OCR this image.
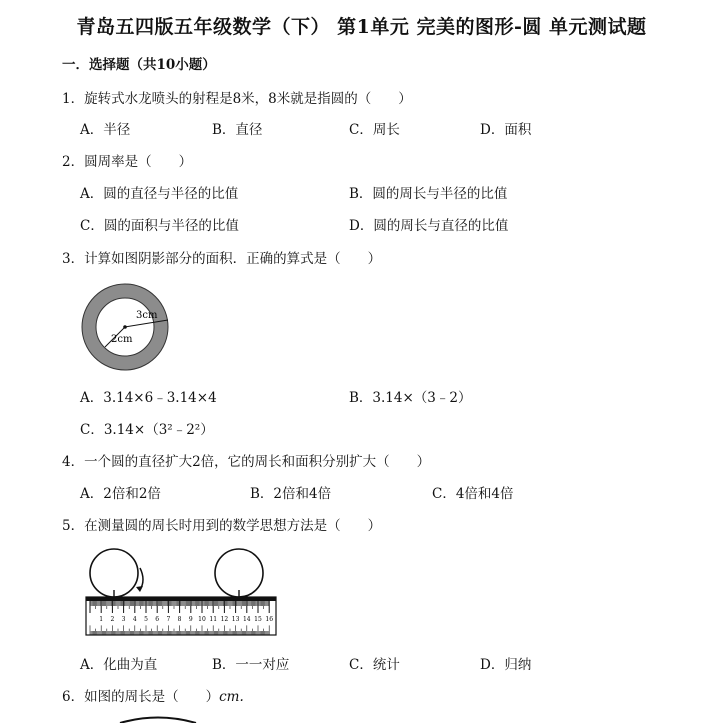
青岛五四版五年级数学（下） 第1单元 完美的图形-圆 单元测试题
一．选择题（共10小题）
1．旋转式水龙喷头的射程是8米，8米就是指圆的（　　）
A．半径	B．直径	C．周长	D．面积
2．圆周率是（　　）
A．圆的直径与半径的比值	B．圆的周长与半径的比值
C．圆的面积与半径的比值	D．圆的周长与直径的比值
3．计算如图阴影部分的面积．正确的算式是（　　）
3cm
2cm
A．3.14×6﹣3.14×4	B．3.14×（3﹣2）
C．3.14×（3²﹣2²）
4．一个圆的直径扩大2倍，它的周长和面积分别扩大（　　）
A．2倍和2倍	B．2倍和4倍	C．4倍和4倍
5．在测量圆的周长时用到的数学思想方法是（　　）
1 2 3 4 5 6 7 8 9 10 11 12 13 14 15 16
A．化曲为直	B．一一对应	C．统计	D．归纳
6．如图的周长是（　　）cm.
